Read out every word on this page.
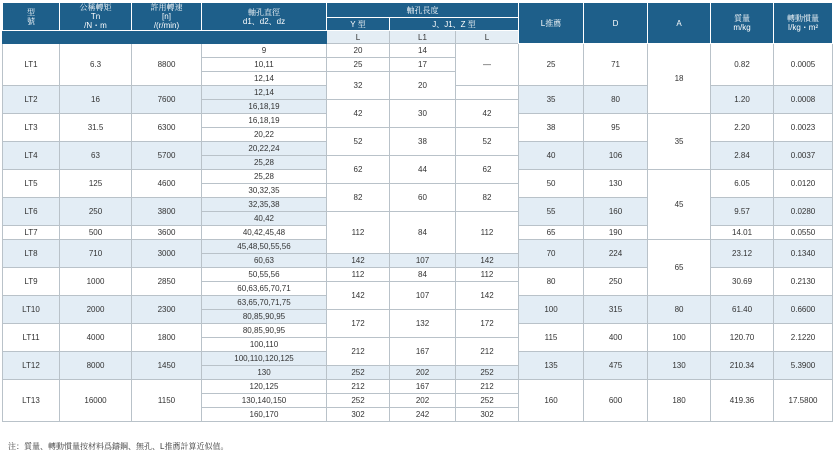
型
號	公稱轉矩
Tn
/N・m	許用轉速
[n]
/(r/min)	軸孔直徑
d1、d2、dz	軸孔長度			L推薦	D	A	質量
m/kg	轉動慣量
I/kg・m²
				Y 型	J、J1、Z 型						
				L	L1	L					
LT1	6.3	8800	9	20	14	—	25	71	18	0.82	0.0005
			10,11	25	17						
			12,14	32	20						
LT2	16	7600	12,14				35	80		1.20	0.0008
			16,18,19	42	30	42					
LT3	31.5	6300	16,18,19				38	95	35	2.20	0.0023
			20,22	52	38	52					
LT4	63	5700	20,22,24				40	106		2.84	0.0037
			25,28	62	44	62					
LT5	125	4600	25,28				50	130	45	6.05	0.0120
			30,32,35	82	60	82					
LT6	250	3800	32,35,38				55	160		9.57	0.0280
			40,42	112	84	112					
LT7	500	3600	40,42,45,48				65	190		14.01	0.0550
LT8	710	3000	45,48,50,55,56				70	224	65	23.12	0.1340
			60,63	142	107	142					
LT9	1000	2850	50,55,56	112	84	112	80	250		30.69	0.2130
			60,63,65,70,71	142	107	142					
LT10	2000	2300	63,65,70,71,75				100	315	80	61.40	0.6600
			80,85,90,95	172	132	172					
LT11	4000	1800	80,85,90,95				115	400	100	120.70	2.1220
			100,110	212	167	212					
LT12	8000	1450	100,110,120,125				135	475	130	210.34	5.3900
			130	252	202	252					
LT13	16000	1150	120,125	212	167	212	160	600	180	419.36	17.5800
			130,140,150	252	202	252					
			160,170	302	242	302					
注：質量、轉動慣量按材料爲鑄鋼、無孔、L推薦計算近似值。
